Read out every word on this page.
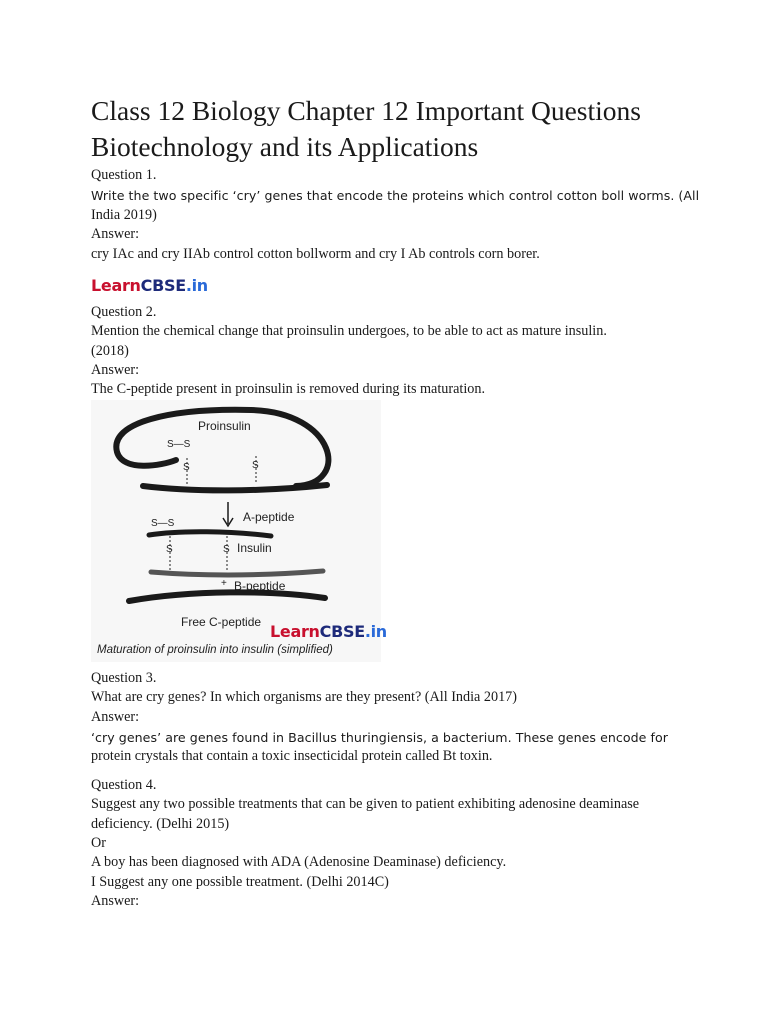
Class 12 Biology Chapter 12 Important Questions
Biotechnology and its Applications
Question 1.
Write the two specific ‘cry’ genes that encode the proteins which control cotton boll worms. (All
India 2019)
Answer:
cry IAc and cry IIAb control cotton bollworm and cry I Ab controls corn borer.
LearnCBSE.in
Question 2.
Mention the chemical change that proinsulin undergoes, to be able to act as mature insulin.
(2018)
Answer:
The C-peptide present in proinsulin is removed during its maturation.
Proinsulin
S—S
S	S
A-peptide
S—S
S	S Insulin
+ B-peptide
Free C-peptide
Maturation of proinsulin into insulin (simplified)
LearnCBSE.in
Question 3.
What are cry genes? In which organisms are they present? (All India 2017)
Answer:
‘cry genes’ are genes found in Bacillus thuringiensis, a bacterium. These genes encode for
protein crystals that contain a toxic insecticidal protein called Bt toxin.
Question 4.
Suggest any two possible treatments that can be given to patient exhibiting adenosine deaminase
deficiency. (Delhi 2015)
Or
A boy has been diagnosed with ADA (Adenosine Deaminase) deficiency.
I Suggest any one possible treatment. (Delhi 2014C)
Answer:
